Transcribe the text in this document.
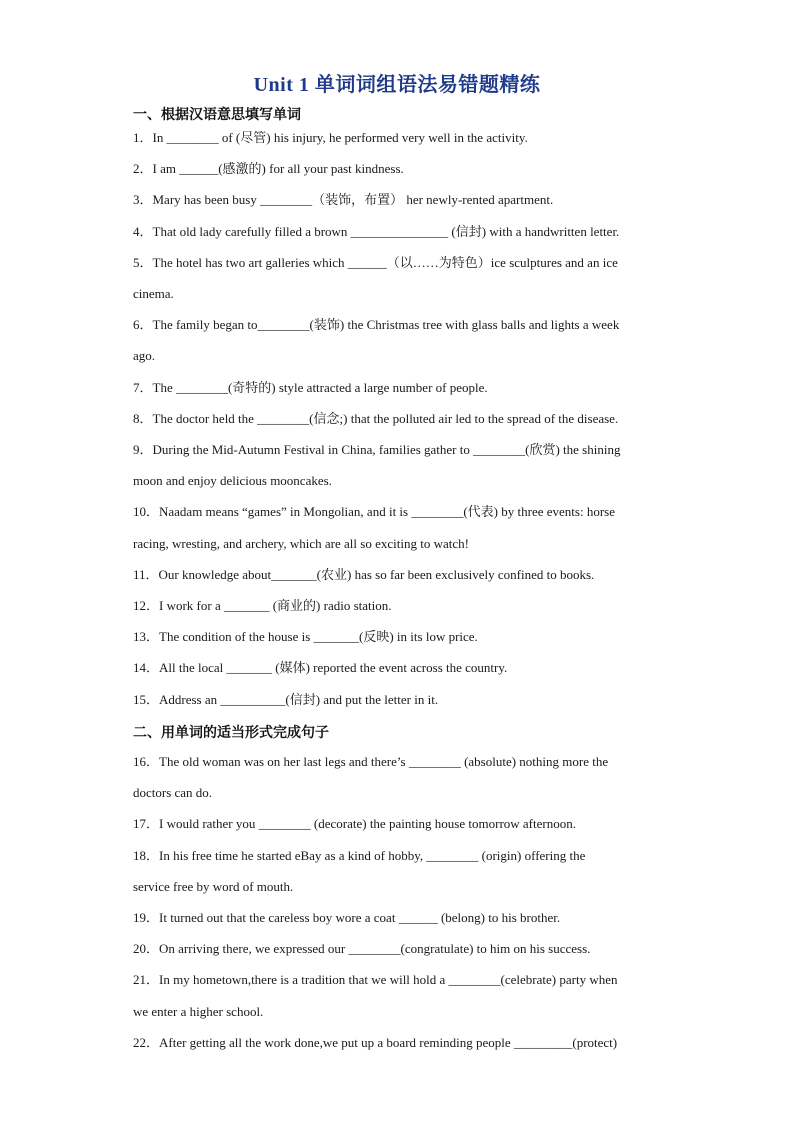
Unit 1 单词词组语法易错题精练
一、根据汉语意思填写单词
1．In ________ of (尽管) his injury, he performed very well in the activity.
2．I am ______(感激的) for all your past kindness.
3．Mary has been busy ________（装饰，布置） her newly-rented apartment.
4．That old lady carefully filled a brown _______________ (信封) with a handwritten letter.
5．The hotel has two art galleries which ______（以……为特色）ice sculptures and an ice
cinema.
6．The family began to________(装饰) the Christmas tree with glass balls and lights a week
ago.
7．The ________(奇特的) style attracted a large number of people.
8．The doctor held the ________(信念;) that the polluted air led to the spread of the disease.
9．During the Mid-Autumn Festival in China, families gather to ________(欣赏) the shining
moon and enjoy delicious mooncakes.
10．Naadam means “games” in Mongolian, and it is ________(代表) by three events: horse
racing, wresting, and archery, which are all so exciting to watch!
11．Our knowledge about_______(农业) has so far been exclusively confined to books.
12．I work for a _______ (商业的) radio station.
13．The condition of the house is _______(反映) in its low price.
14．All the local _______ (媒体) reported the event across the country.
15．Address an __________(信封) and put the letter in it.
二、用单词的适当形式完成句子
16．The old woman was on her last legs and there’s ________ (absolute) nothing more the
doctors can do.
17．I would rather you ________ (decorate) the painting house tomorrow afternoon.
18．In his free time he started eBay as a kind of hobby, ________ (origin) offering the
service free by word of mouth.
19．It turned out that the careless boy wore a coat ______ (belong) to his brother.
20．On arriving there, we expressed our ________(congratulate) to him on his success.
21．In my hometown,there is a tradition that we will hold a ________(celebrate) party when
we enter a higher school.
22．After getting all the work done,we put up a board reminding people _________(protect)
